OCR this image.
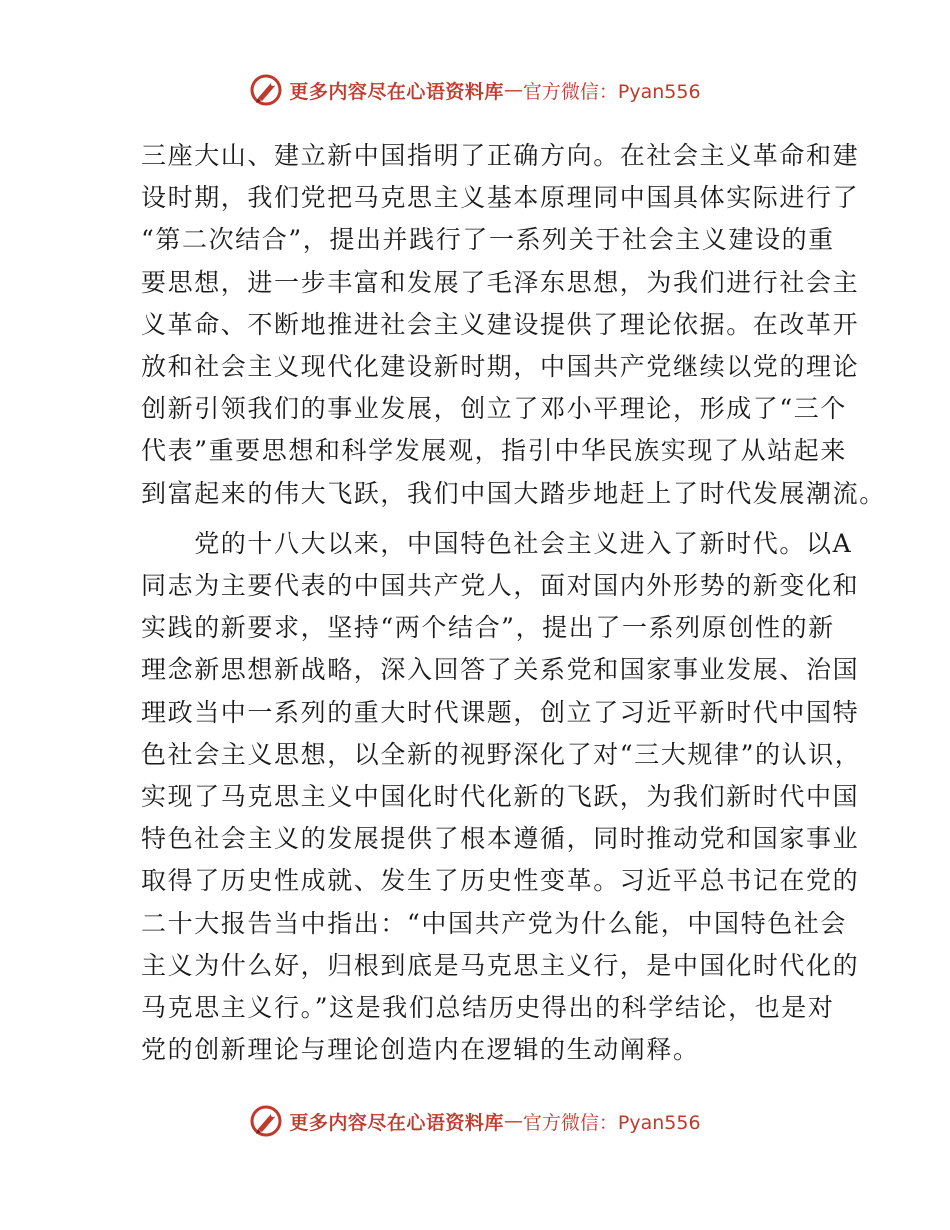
更多内容尽在心语资料库 — 官方微信：Pyan556

三座大山、建立新中国指明了正确方向。在社会主义革命和建
设时期，我们党把马克思主义基本原理同中国具体实际进行了
“第二次结合”，提出并践行了一系列关于社会主义建设的重
要思想，进一步丰富和发展了毛泽东思想，为我们进行社会主
义革命、不断地推进社会主义建设提供了理论依据。在改革开
放和社会主义现代化建设新时期，中国共产党继续以党的理论
创新引领我们的事业发展，创立了邓小平理论，形成了“三个
代表”重要思想和科学发展观，指引中华民族实现了从站起来
到富起来的伟大飞跃，我们中国大踏步地赶上了时代发展潮流。

　　党的十八大以来，中国特色社会主义进入了新时代。以A
同志为主要代表的中国共产党人，面对国内外形势的新变化和
实践的新要求，坚持“两个结合”，提出了一系列原创性的新
理念新思想新战略，深入回答了关系党和国家事业发展、治国
理政当中一系列的重大时代课题，创立了习近平新时代中国特
色社会主义思想，以全新的视野深化了对“三大规律”的认识，
实现了马克思主义中国化时代化新的飞跃，为我们新时代中国
特色社会主义的发展提供了根本遵循，同时推动党和国家事业
取得了历史性成就、发生了历史性变革。习近平总书记在党的
二十大报告当中指出：“中国共产党为什么能，中国特色社会
主义为什么好，归根到底是马克思主义行，是中国化时代化的
马克思主义行。”这是我们总结历史得出的科学结论，也是对
党的创新理论与理论创造内在逻辑的生动阐释。

更多内容尽在心语资料库 — 官方微信：Pyan556
